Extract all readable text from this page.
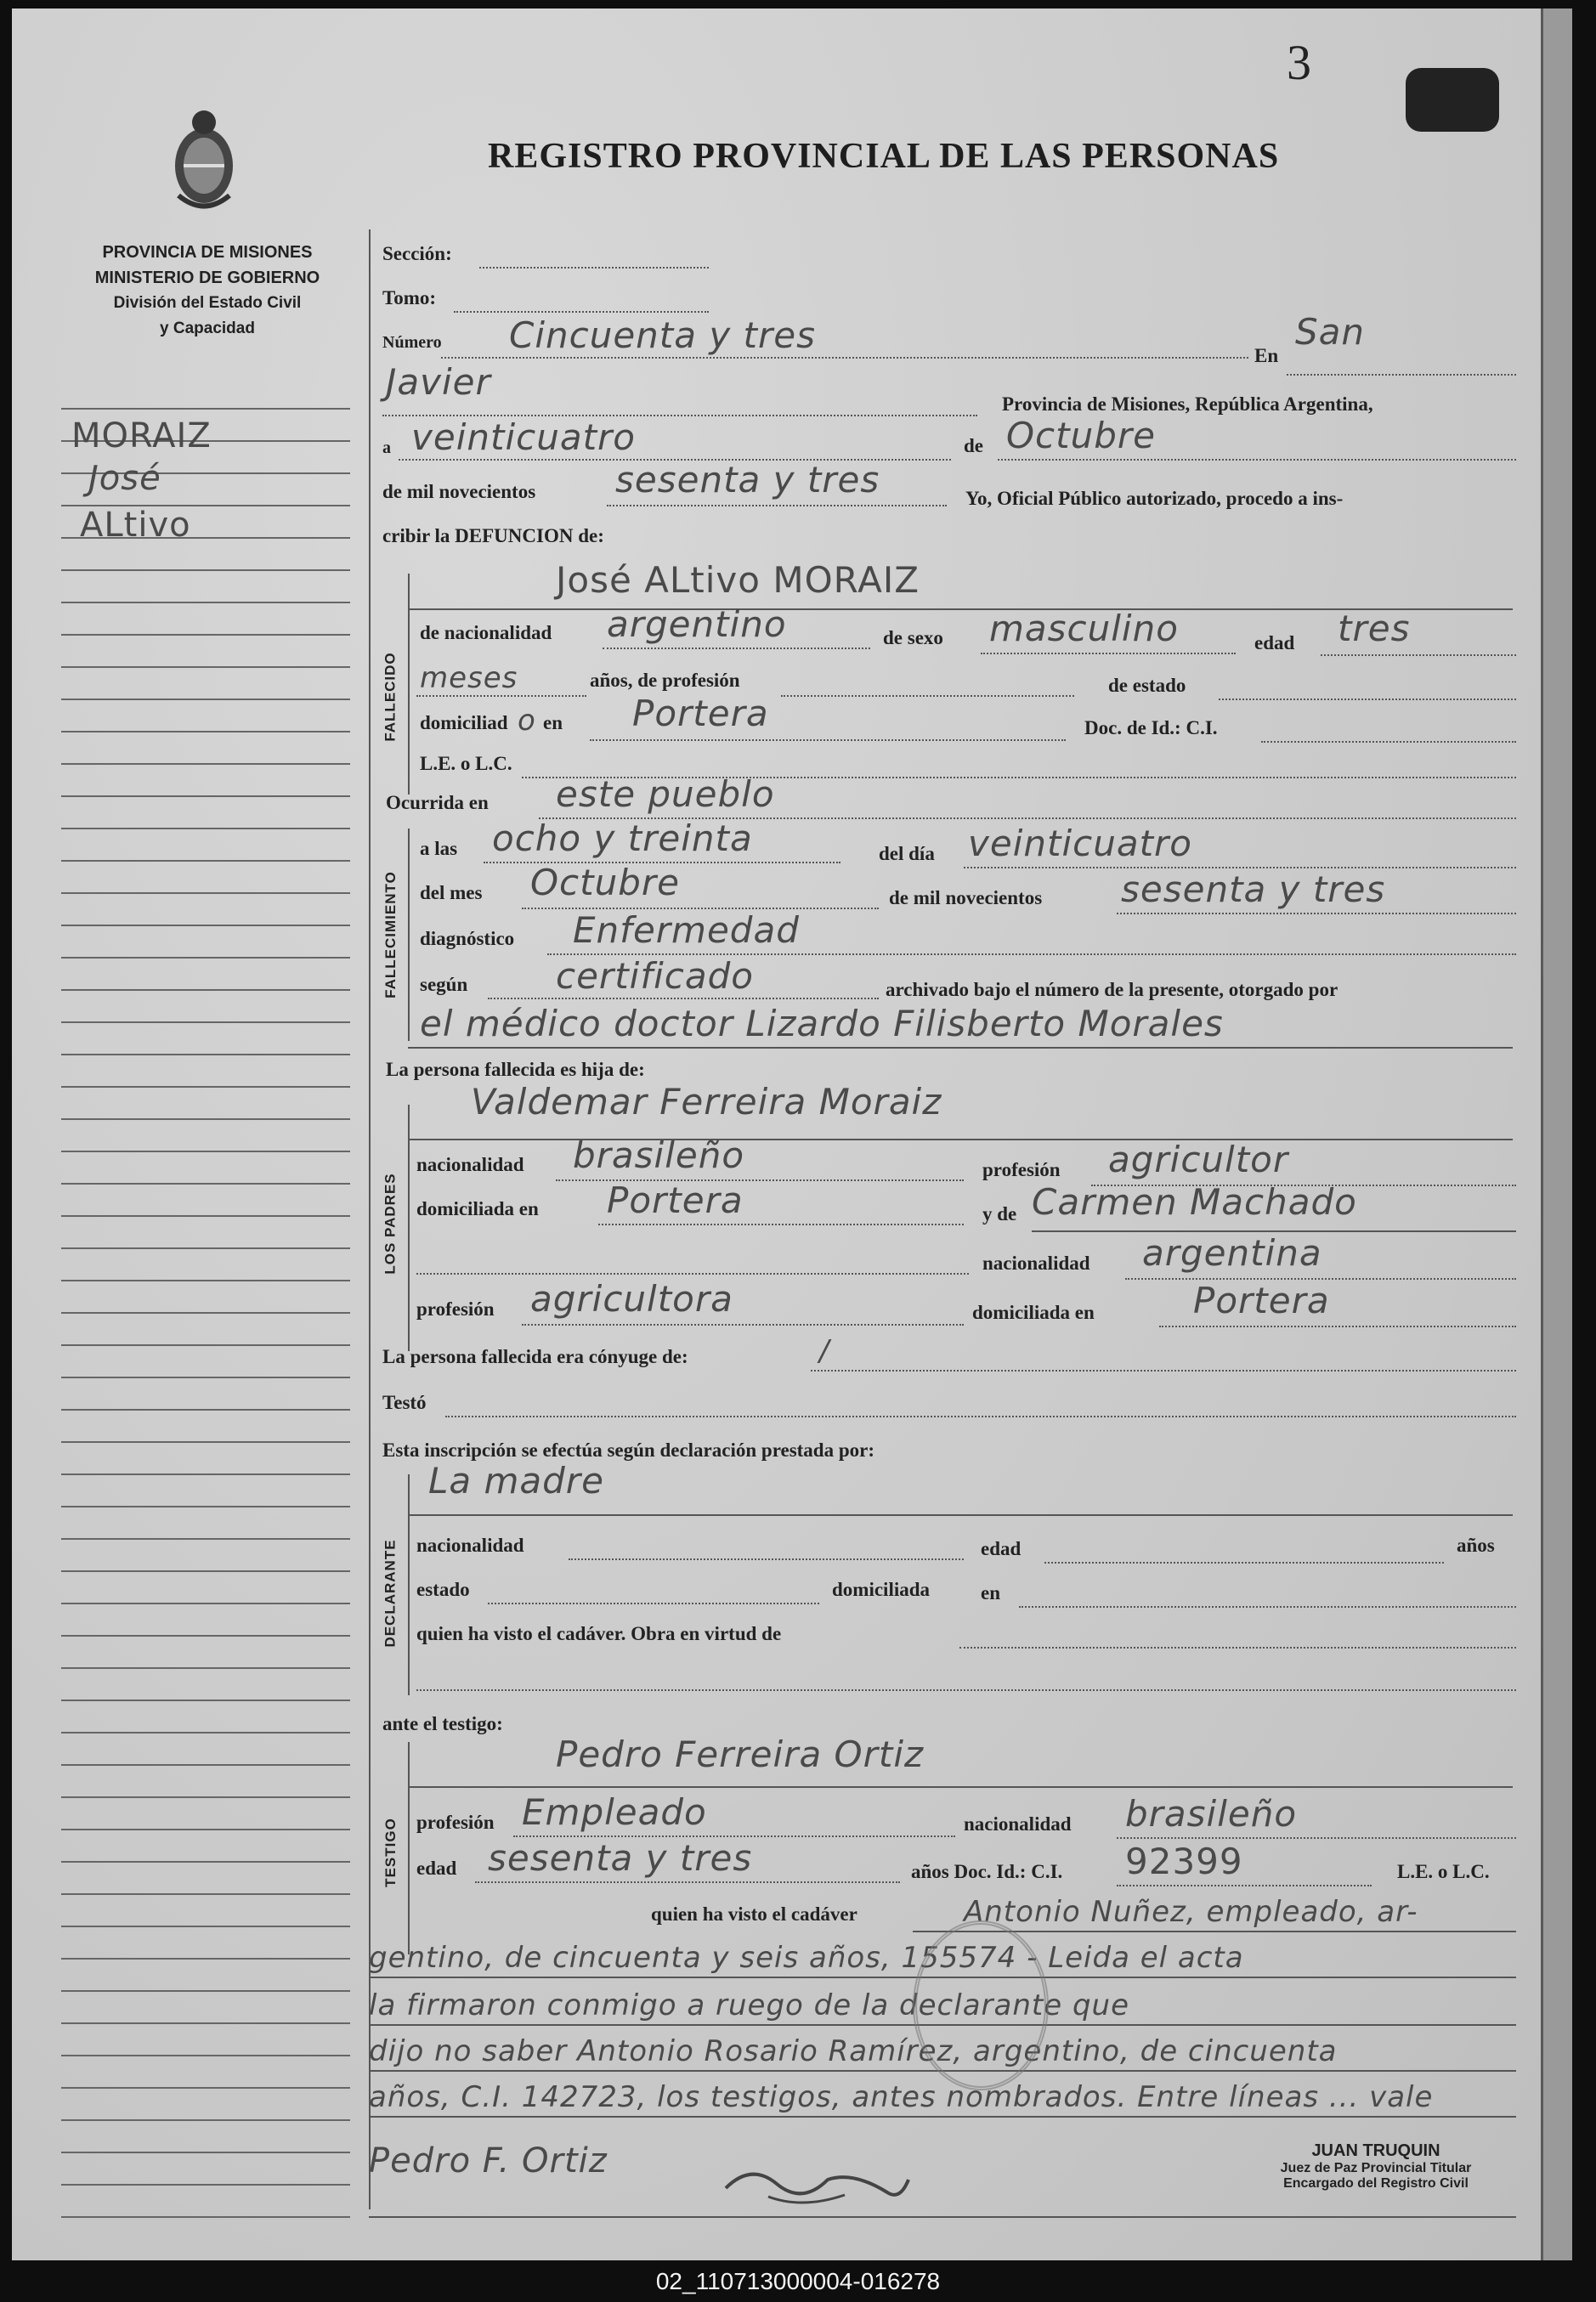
3
REGISTRO PROVINCIAL DE LAS PERSONAS
PROVINCIA DE MISIONES
MINISTERIO DE GOBIERNO
División del Estado Civil
y Capacidad
MORAIZ
José
ALtivo
Sección:
Tomo:
Número Cincuenta y tres	En
San
Javier
Provincia de Misiones, República Argentina,
a veinticuatro	de Octubre
de mil novecientos sesenta y tres	Yo, Oficial Público autorizado, procedo a ins-
cribir la DEFUNCION de:
FALLECIDO
José ALtivo MORAIZ
de nacionalidad argentino	de sexo masculino	edad tres
meses	años, de profesión	de estado
domiciliad o en Portera	Doc. de Id.: C.I.
L.E. o L.C.
Ocurrida en este pueblo
FALLECIMIENTO
a las ocho y treinta	del día veinticuatro
del mes Octubre	de mil novecientos sesenta y tres
diagnóstico Enfermedad
según certificado	archivado bajo el número de la presente, otorgado por
el médico doctor Lizardo Filisberto Morales
La persona fallecida es hija de:
LOS PADRES
Valdemar Ferreira Moraiz
nacionalidad brasileño	profesión agricultor
domiciliada en Portera	y de Carmen Machado
nacionalidad argentina
profesión agricultora	domiciliada en	Portera
La persona fallecida era cónyuge de:	/
Testó
Esta inscripción se efectúa según declaración prestada por:
DECLARANTE
La madre
nacionalidad	edad	años
estado	domiciliada	en
quien ha visto el cadáver. Obra en virtud de
ante el testigo:
TESTIGO
Pedro Ferreira Ortiz
profesión Empleado	nacionalidad brasileño
edad sesenta y tres	años Doc. Id.: C.I. 92399	L.E. o L.C.
quien ha visto el cadáver	Antonio Nuñez, empleado, ar-
gentino, de cincuenta y seis años, 155574 - Leida el acta
la firmaron conmigo a ruego de la declarante que
dijo no saber Antonio Rosario Ramírez, argentino, de cincuenta
años, C.I. 142723, los testigos, antes nombrados. Entre líneas ... vale
Pedro F. Ortiz	JUAN TRUQUIN
Juez de Paz Provincial Titular
Encargado del Registro Civil
02_110713000004-016278
